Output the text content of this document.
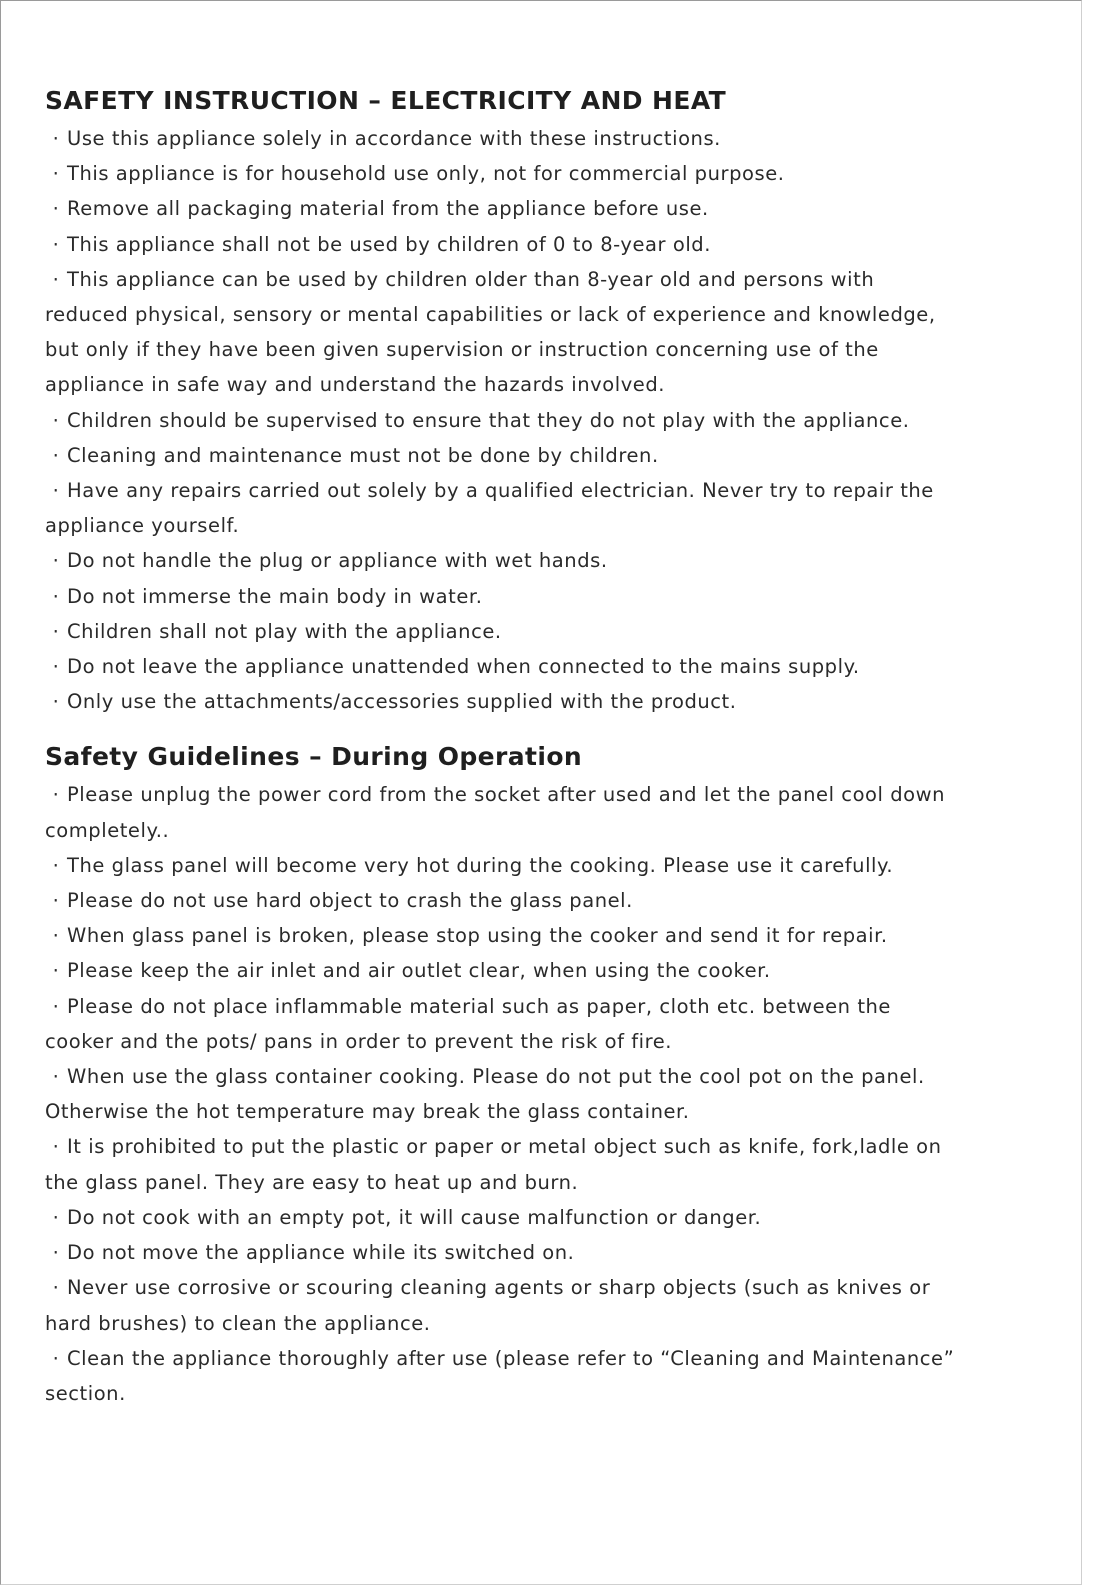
SAFETY INSTRUCTION – ELECTRICITY AND HEAT
· Use this appliance solely in accordance with these instructions.
· This appliance is for household use only, not for commercial purpose.
· Remove all packaging material from the appliance before use.
· This appliance shall not be used by children of 0 to 8-year old.
· This appliance can be used by children older than 8-year old and persons with
reduced physical, sensory or mental capabilities or lack of experience and knowledge,
but only if they have been given supervision or instruction concerning use of the
appliance in safe way and understand the hazards involved.
· Children should be supervised to ensure that they do not play with the appliance.
· Cleaning and maintenance must not be done by children.
· Have any repairs carried out solely by a qualified electrician. Never try to repair the
appliance yourself.
· Do not handle the plug or appliance with wet hands.
· Do not immerse the main body in water.
· Children shall not play with the appliance.
· Do not leave the appliance unattended when connected to the mains supply.
· Only use the attachments/accessories supplied with the product.
Safety Guidelines – During Operation
· Please unplug the power cord from the socket after used and let the panel cool down
completely..
· The glass panel will become very hot during the cooking. Please use it carefully.
· Please do not use hard object to crash the glass panel.
· When glass panel is broken, please stop using the cooker and send it for repair.
· Please keep the air inlet and air outlet clear, when using the cooker.
· Please do not place inflammable material such as paper, cloth etc. between the
cooker and the pots/ pans in order to prevent the risk of fire.
· When use the glass container cooking. Please do not put the cool pot on the panel.
Otherwise the hot temperature may break the glass container.
· It is prohibited to put the plastic or paper or metal object such as knife, fork,ladle on
the glass panel. They are easy to heat up and burn.
· Do not cook with an empty pot, it will cause malfunction or danger.
· Do not move the appliance while its switched on.
· Never use corrosive or scouring cleaning agents or sharp objects (such as knives or
hard brushes) to clean the appliance.
· Clean the appliance thoroughly after use (please refer to “Cleaning and Maintenance”
section.
